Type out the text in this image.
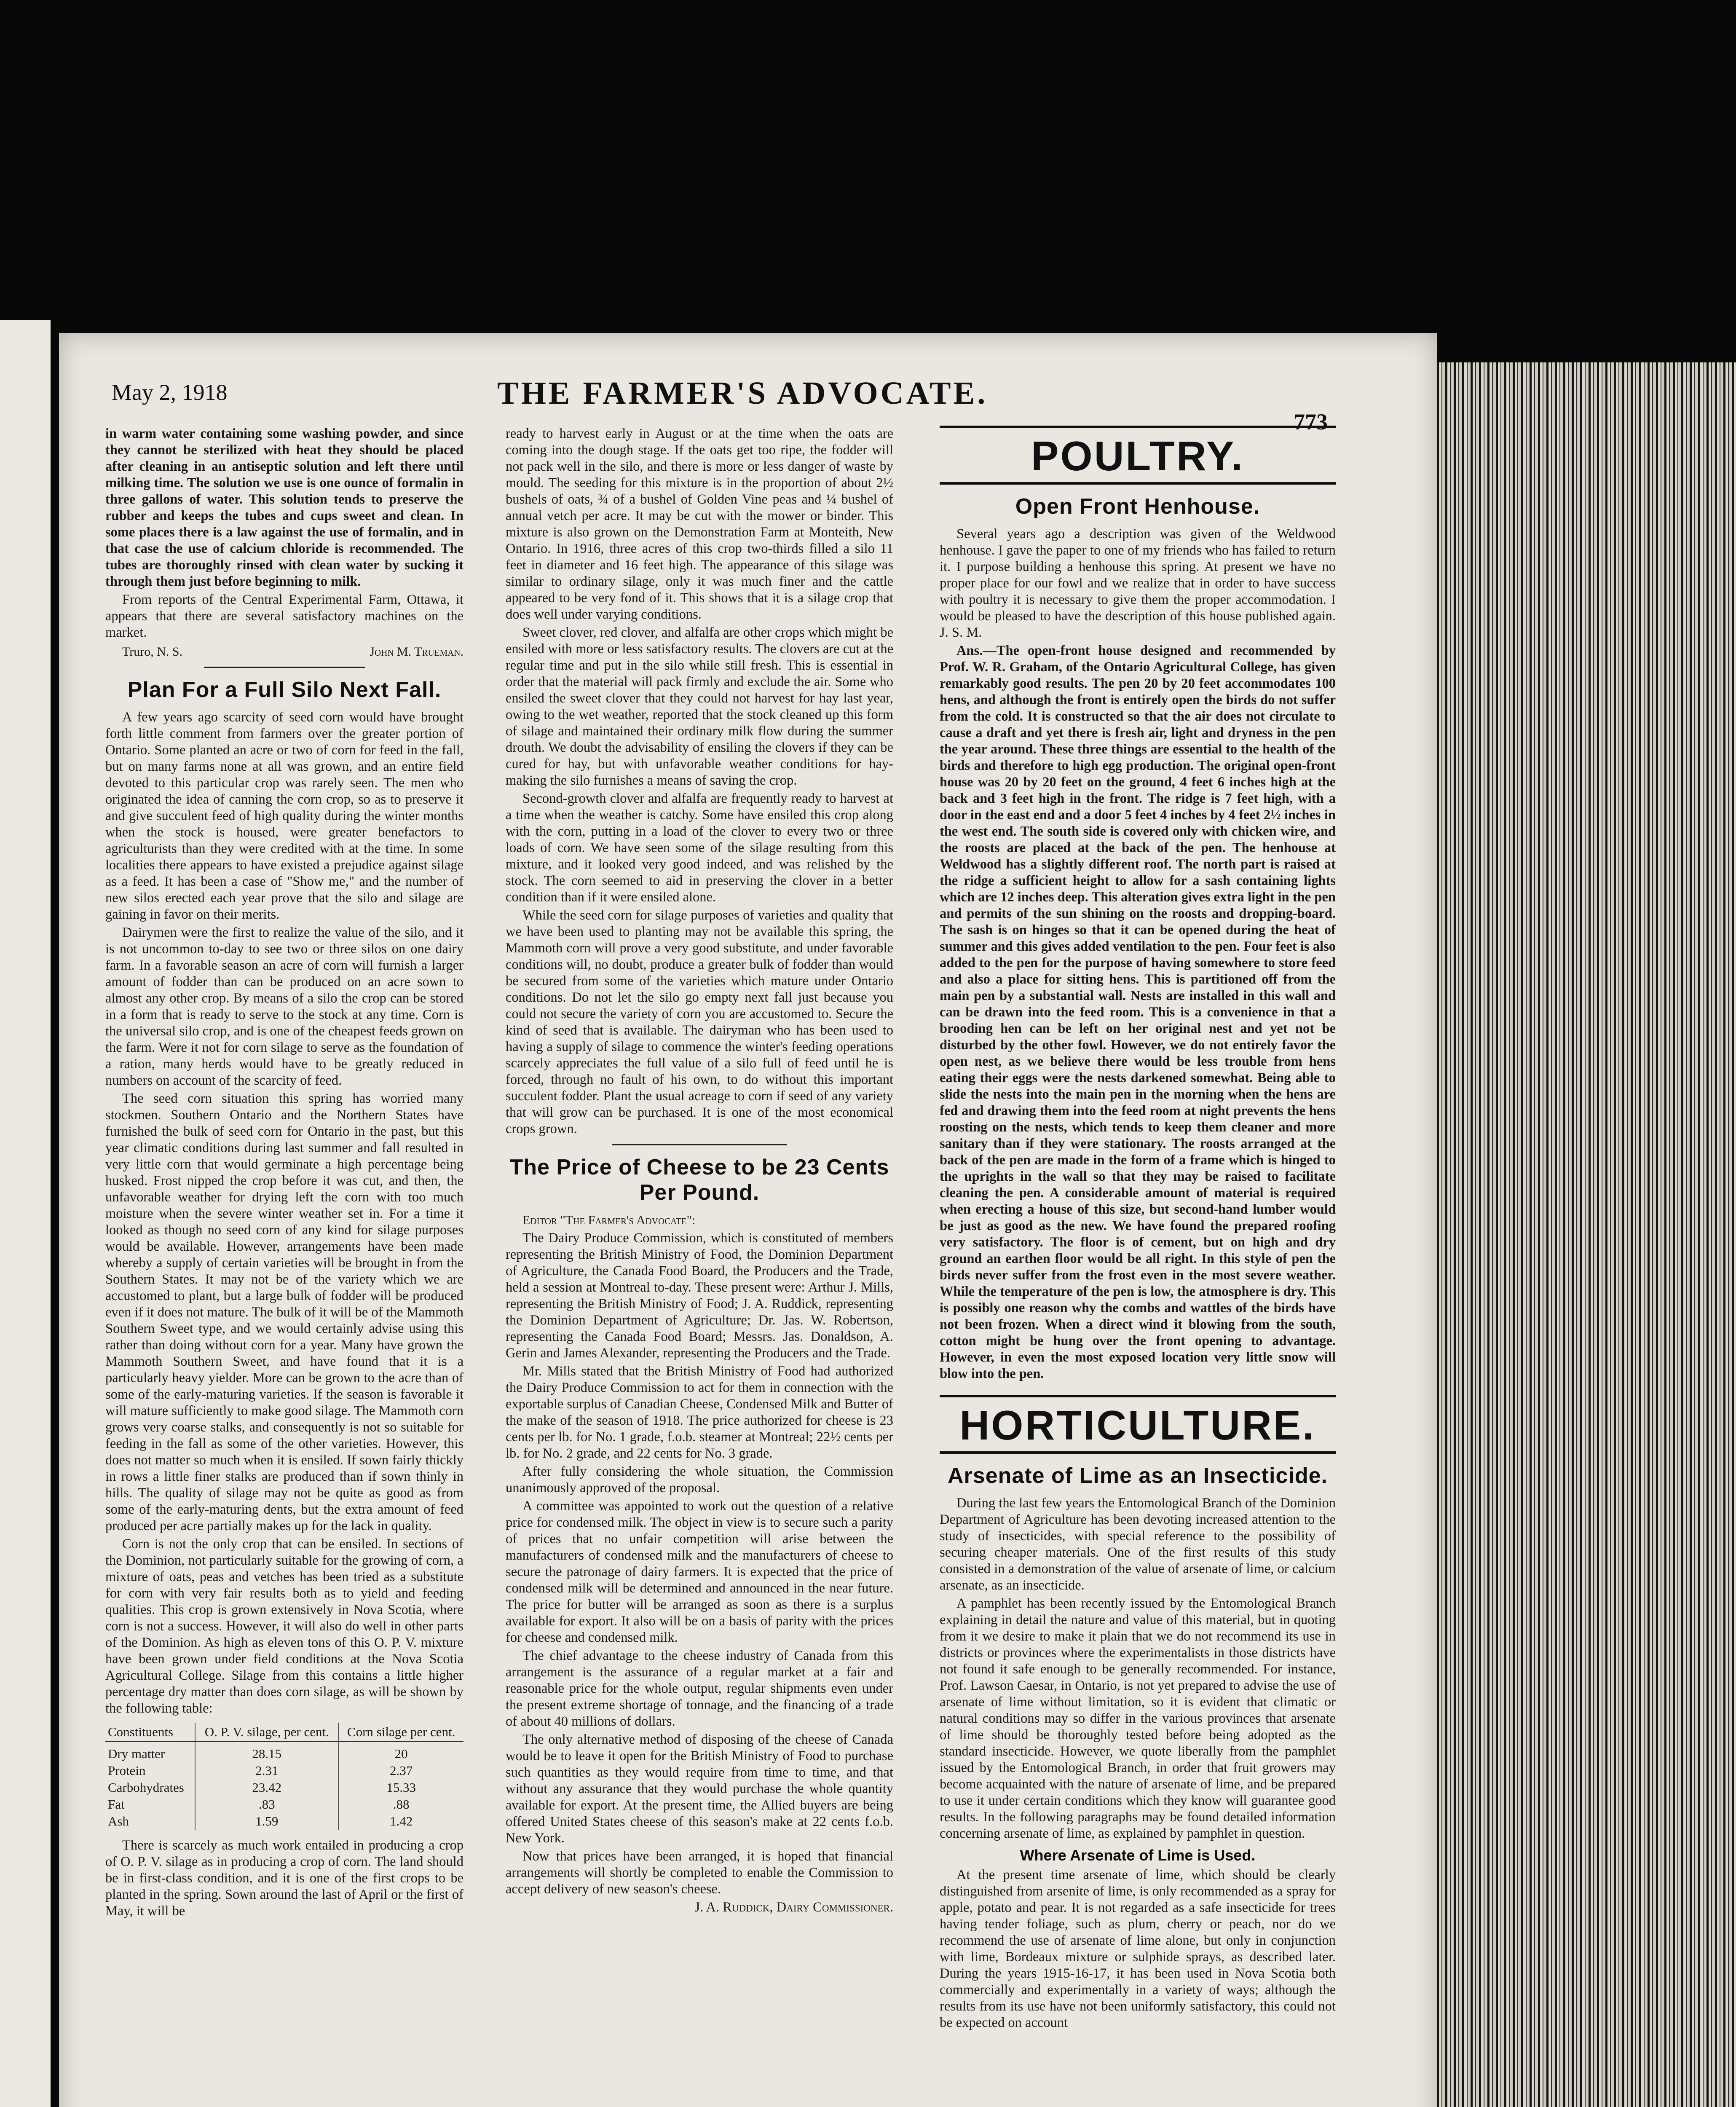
May 2, 1918	THE FARMER'S ADVOCATE.
773

in warm water containing some washing powder, and since they cannot be sterilized with heat they should be placed after cleaning in an antiseptic solution and left there until milking time. The solution we use is one ounce of formalin in three gallons of water. This solution tends to preserve the rubber and keeps the tubes and cups sweet and clean. In some places there is a law against the use of formalin, and in that case the use of calcium chloride is recommended. The tubes are thoroughly rinsed with clean water by sucking it through them just before beginning to milk.

From reports of the Central Experimental Farm, Ottawa, it appears that there are several satisfactory machines on the market.

Truro, N. S.	John M. Trueman.
Plan For a Full Silo Next Fall.

A few years ago scarcity of seed corn would have brought forth little comment from farmers over the greater portion of Ontario. Some planted an acre or two of corn for feed in the fall, but on many farms none at all was grown, and an entire field devoted to this particular crop was rarely seen. The men who originated the idea of canning the corn crop, so as to preserve it and give succulent feed of high quality during the winter months when the stock is housed, were greater benefactors to agriculturists than they were credited with at the time. In some localities there appears to have existed a prejudice against silage as a feed. It has been a case of "Show me," and the number of new silos erected each year prove that the silo and silage are gaining in favor on their merits.

Dairymen were the first to realize the value of the silo, and it is not uncommon to-day to see two or three silos on one dairy farm. In a favorable season an acre of corn will furnish a larger amount of fodder than can be produced on an acre sown to almost any other crop. By means of a silo the crop can be stored in a form that is ready to serve to the stock at any time. Corn is the universal silo crop, and is one of the cheapest feeds grown on the farm. Were it not for corn silage to serve as the foundation of a ration, many herds would have to be greatly reduced in numbers on account of the scarcity of feed.

The seed corn situation this spring has worried many stockmen. Southern Ontario and the Northern States have furnished the bulk of seed corn for Ontario in the past, but this year climatic conditions during last summer and fall resulted in very little corn that would germinate a high percentage being husked. Frost nipped the crop before it was cut, and then, the unfavorable weather for drying left the corn with too much moisture when the severe winter weather set in. For a time it looked as though no seed corn of any kind for silage purposes would be available. However, arrangements have been made whereby a supply of certain varieties will be brought in from the Southern States. It may not be of the variety which we are accustomed to plant, but a large bulk of fodder will be produced even if it does not mature. The bulk of it will be of the Mammoth Southern Sweet type, and we would certainly advise using this rather than doing without corn for a year. Many have grown the Mammoth Southern Sweet, and have found that it is a particularly heavy yielder. More can be grown to the acre than of some of the early-maturing varieties. If the season is favorable it will mature sufficiently to make good silage. The Mammoth corn grows very coarse stalks, and consequently is not so suitable for feeding in the fall as some of the other varieties. However, this does not matter so much when it is ensiled. If sown fairly thickly in rows a little finer stalks are produced than if sown thinly in hills. The quality of silage may not be quite as good as from some of the early-maturing dents, but the extra amount of feed produced per acre partially makes up for the lack in quality.

Corn is not the only crop that can be ensiled. In sections of the Dominion, not particularly suitable for the growing of corn, a mixture of oats, peas and vetches has been tried as a substitute for corn with very fair results both as to yield and feeding qualities. This crop is grown extensively in Nova Scotia, where corn is not a success. However, it will also do well in other parts of the Dominion. As high as eleven tons of this O. P. V. mixture have been grown under field conditions at the Nova Scotia Agricultural College. Silage from this contains a little higher percentage dry matter than does corn silage, as will be shown by the following table:

Constituents	O. P. V. silage, per cent.	Corn silage per cent.
Dry matter	28.15	20
Protein	2.31	2.37
Carbohydrates	23.42	15.33
Fat	.83	.88
Ash	1.59	1.42

There is scarcely as much work entailed in producing a crop of O. P. V. silage as in producing a crop of corn. The land should be in first-class condition, and it is one of the first crops to be planted in the spring. Sown around the last of April or the first of May, it will be

ready to harvest early in August or at the time when the oats are coming into the dough stage. If the oats get too ripe, the fodder will not pack well in the silo, and there is more or less danger of waste by mould. The seeding for this mixture is in the proportion of about 2½ bushels of oats, ¾ of a bushel of Golden Vine peas and ¼ bushel of annual vetch per acre. It may be cut with the mower or binder. This mixture is also grown on the Demonstration Farm at Monteith, New Ontario. In 1916, three acres of this crop two-thirds filled a silo 11 feet in diameter and 16 feet high. The appearance of this silage was similar to ordinary silage, only it was much finer and the cattle appeared to be very fond of it. This shows that it is a silage crop that does well under varying conditions.

Sweet clover, red clover, and alfalfa are other crops which might be ensiled with more or less satisfactory results. The clovers are cut at the regular time and put in the silo while still fresh. This is essential in order that the material will pack firmly and exclude the air. Some who ensiled the sweet clover that they could not harvest for hay last year, owing to the wet weather, reported that the stock cleaned up this form of silage and maintained their ordinary milk flow during the summer drouth. We doubt the advisability of ensiling the clovers if they can be cured for hay, but with unfavorable weather conditions for hay-making the silo furnishes a means of saving the crop.

Second-growth clover and alfalfa are frequently ready to harvest at a time when the weather is catchy. Some have ensiled this crop along with the corn, putting in a load of the clover to every two or three loads of corn. We have seen some of the silage resulting from this mixture, and it looked very good indeed, and was relished by the stock. The corn seemed to aid in preserving the clover in a better condition than if it were ensiled alone.

While the seed corn for silage purposes of varieties and quality that we have been used to planting may not be available this spring, the Mammoth corn will prove a very good substitute, and under favorable conditions will, no doubt, produce a greater bulk of fodder than would be secured from some of the varieties which mature under Ontario conditions. Do not let the silo go empty next fall just because you could not secure the variety of corn you are accustomed to. Secure the kind of seed that is available. The dairyman who has been used to having a supply of silage to commence the winter's feeding operations scarcely appreciates the full value of a silo full of feed until he is forced, through no fault of his own, to do without this important succulent fodder. Plant the usual acreage to corn if seed of any variety that will grow can be purchased. It is one of the most economical crops grown.

The Price of Cheese to be 23 Cents Per Pound.

Editor "The Farmer's Advocate":

The Dairy Produce Commission, which is constituted of members representing the British Ministry of Food, the Dominion Department of Agriculture, the Canada Food Board, the Producers and the Trade, held a session at Montreal to-day. These present were: Arthur J. Mills, representing the British Ministry of Food; J. A. Ruddick, representing the Dominion Department of Agriculture; Dr. Jas. W. Robertson, representing the Canada Food Board; Messrs. Jas. Donaldson, A. Gerin and James Alexander, representing the Producers and the Trade.

Mr. Mills stated that the British Ministry of Food had authorized the Dairy Produce Commission to act for them in connection with the exportable surplus of Canadian Cheese, Condensed Milk and Butter of the make of the season of 1918. The price authorized for cheese is 23 cents per lb. for No. 1 grade, f.o.b. steamer at Montreal; 22½ cents per lb. for No. 2 grade, and 22 cents for No. 3 grade.

After fully considering the whole situation, the Commission unanimously approved of the proposal.

A committee was appointed to work out the question of a relative price for condensed milk. The object in view is to secure such a parity of prices that no unfair competition will arise between the manufacturers of condensed milk and the manufacturers of cheese to secure the patronage of dairy farmers. It is expected that the price of condensed milk will be determined and announced in the near future. The price for butter will be arranged as soon as there is a surplus available for export. It also will be on a basis of parity with the prices for cheese and condensed milk.

The chief advantage to the cheese industry of Canada from this arrangement is the assurance of a regular market at a fair and reasonable price for the whole output, regular shipments even under the present extreme shortage of tonnage, and the financing of a trade of about 40 millions of dollars.

The only alternative method of disposing of the cheese of Canada would be to leave it open for the British Ministry of Food to purchase such quantities as they would require from time to time, and that without any assurance that they would purchase the whole quantity available for export. At the present time, the Allied buyers are being offered United States cheese of this season's make at 22 cents f.o.b. New York.

Now that prices have been arranged, it is hoped that financial arrangements will shortly be completed to enable the Commission to accept delivery of new season's cheese.

J. A. Ruddick, Dairy Commissioner.

POULTRY.
Open Front Henhouse.

Several years ago a description was given of the Weldwood henhouse. I gave the paper to one of my friends who has failed to return it. I purpose building a henhouse this spring. At present we have no proper place for our fowl and we realize that in order to have success with poultry it is necessary to give them the proper accommodation. I would be pleased to have the description of this house published again. J. S. M.

Ans.—The open-front house designed and recommended by Prof. W. R. Graham, of the Ontario Agricultural College, has given remarkably good results. The pen 20 by 20 feet accommodates 100 hens, and although the front is entirely open the birds do not suffer from the cold. It is constructed so that the air does not circulate to cause a draft and yet there is fresh air, light and dryness in the pen the year around. These three things are essential to the health of the birds and therefore to high egg production. The original open-front house was 20 by 20 feet on the ground, 4 feet 6 inches high at the back and 3 feet high in the front. The ridge is 7 feet high, with a door in the east end and a door 5 feet 4 inches by 4 feet 2½ inches in the west end. The south side is covered only with chicken wire, and the roosts are placed at the back of the pen. The henhouse at Weldwood has a slightly different roof. The north part is raised at the ridge a sufficient height to allow for a sash containing lights which are 12 inches deep. This alteration gives extra light in the pen and permits of the sun shining on the roosts and dropping-board. The sash is on hinges so that it can be opened during the heat of summer and this gives added ventilation to the pen. Four feet is also added to the pen for the purpose of having somewhere to store feed and also a place for sitting hens. This is partitioned off from the main pen by a substantial wall. Nests are installed in this wall and can be drawn into the feed room. This is a convenience in that a brooding hen can be left on her original nest and yet not be disturbed by the other fowl. However, we do not entirely favor the open nest, as we believe there would be less trouble from hens eating their eggs were the nests darkened somewhat. Being able to slide the nests into the main pen in the morning when the hens are fed and drawing them into the feed room at night prevents the hens roosting on the nests, which tends to keep them cleaner and more sanitary than if they were stationary. The roosts arranged at the back of the pen are made in the form of a frame which is hinged to the uprights in the wall so that they may be raised to facilitate cleaning the pen. A considerable amount of material is required when erecting a house of this size, but second-hand lumber would be just as good as the new. We have found the prepared roofing very satisfactory. The floor is of cement, but on high and dry ground an earthen floor would be all right. In this style of pen the birds never suffer from the frost even in the most severe weather. While the temperature of the pen is low, the atmosphere is dry. This is possibly one reason why the combs and wattles of the birds have not been frozen. When a direct wind it blowing from the south, cotton might be hung over the front opening to advantage. However, in even the most exposed location very little snow will blow into the pen.

HORTICULTURE.
Arsenate of Lime as an Insecticide.

During the last few years the Entomological Branch of the Dominion Department of Agriculture has been devoting increased attention to the study of insecticides, with special reference to the possibility of securing cheaper materials. One of the first results of this study consisted in a demonstration of the value of arsenate of lime, or calcium arsenate, as an insecticide.

A pamphlet has been recently issued by the Entomological Branch explaining in detail the nature and value of this material, but in quoting from it we desire to make it plain that we do not recommend its use in districts or provinces where the experimentalists in those districts have not found it safe enough to be generally recommended. For instance, Prof. Lawson Caesar, in Ontario, is not yet prepared to advise the use of arsenate of lime without limitation, so it is evident that climatic or natural conditions may so differ in the various provinces that arsenate of lime should be thoroughly tested before being adopted as the standard insecticide. However, we quote liberally from the pamphlet issued by the Entomological Branch, in order that fruit growers may become acquainted with the nature of arsenate of lime, and be prepared to use it under certain conditions which they know will guarantee good results. In the following paragraphs may be found detailed information concerning arsenate of lime, as explained by pamphlet in question.

Where Arsenate of Lime is Used.

At the present time arsenate of lime, which should be clearly distinguished from arsenite of lime, is only recommended as a spray for apple, potato and pear. It is not regarded as a safe insecticide for trees having tender foliage, such as plum, cherry or peach, nor do we recommend the use of arsenate of lime alone, but only in conjunction with lime, Bordeaux mixture or sulphide sprays, as described later. During the years 1915-16-17, it has been used in Nova Scotia both commercially and experimentally in a variety of ways; although the results from its use have not been uniformly satisfactory, this could not be expected on account
